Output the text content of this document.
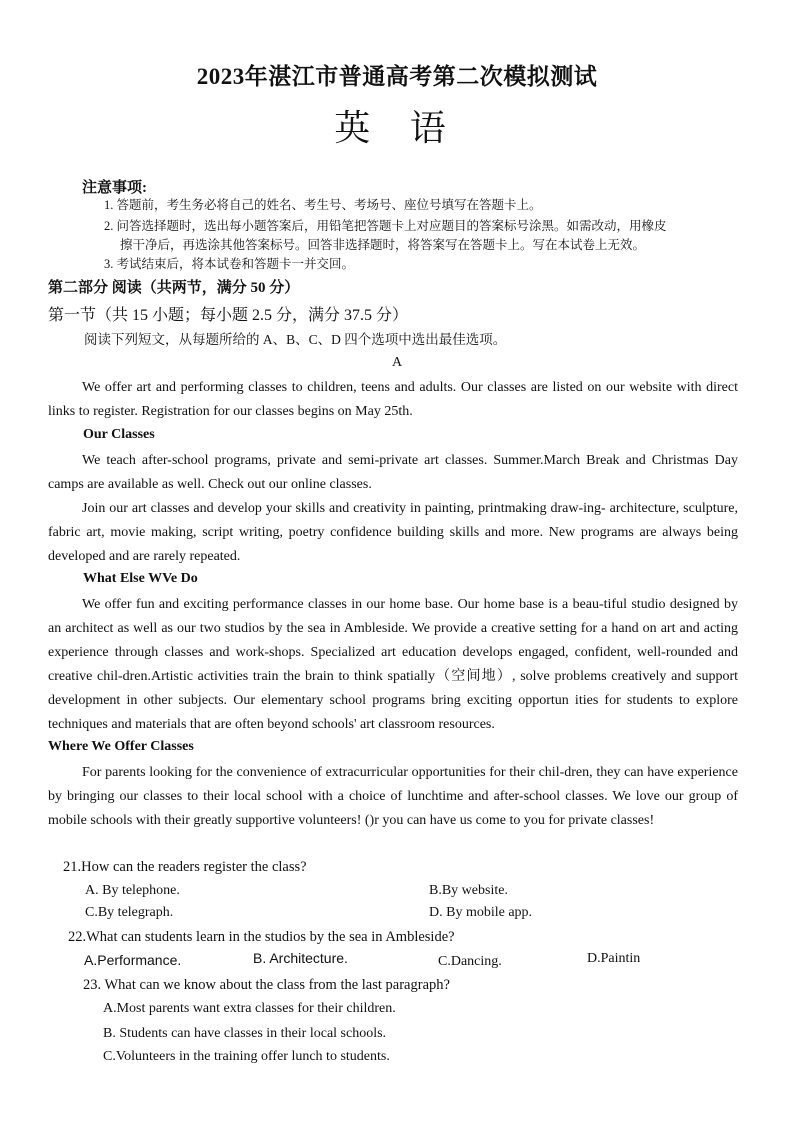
2023年湛江市普通高考第二次模拟测试
英 语
注意事项:
1. 答题前，考生务必将自己的姓名、考生号、考场号、座位号填写在答题卡上。
2. 问答选择题时，选出每小题答案后，用铅笔把答题卡上对应题目的答案标号涂黑。如需改动，用橡皮
擦干净后，再选涂其他答案标号。回答非选择题时，将答案写在答题卡上。写在本试卷上无效。
3. 考试结束后，将本试卷和答题卡一并交回。
第二部分 阅读（共两节，满分 50 分）
第一节（共 15 小题；每小题 2.5 分，满分 37.5 分）
阅读下列短文，从每题所给的 A、B、C、D 四个选项中选出最佳选项。
A
We offer art and performing classes to children, teens and adults. Our classes are listed on our website with direct links to register. Registration for our classes begins on May 25th.
Our Classes
We teach after-school programs, private and semi-private art classes. Summer.March Break and Christmas Day camps are available as well. Check out our online classes.
Join our art classes and develop your skills and creativity in painting, printmaking draw-ing- architecture, sculpture, fabric art, movie making, script writing, poetry confidence building skills and more. New programs are always being developed and are rarely repeated.
What Else WVe Do
We offer fun and exciting performance classes in our home base. Our home base is a beau-tiful studio designed by an architect as well as our two studios by the sea in Ambleside. We provide a creative setting for a hand on art and acting experience through classes and work-shops. Specialized art education develops engaged, confident, well-rounded and creative chil-dren.Artistic activities train the brain to think spatially（空间地）, solve problems creatively and support development in other subjects. Our elementary school programs bring exciting opportun ities for students to explore techniques and materials that are often beyond schools' art classroom resources.
Where We Offer Classes
For parents looking for the convenience of extracurricular opportunities for their chil-dren, they can have experience by bringing our classes to their local school with a choice of lunchtime and after-school classes. We love our group of mobile schools with their greatly supportive volunteers! ()r you can have us come to you for private classes!
21.How can the readers register the class?
A. By telephone.	B.By website.
C.By telegraph.	D. By mobile app.
22.What can students learn in the studios by the sea in Ambleside?
A.Performance.	B. Architecture.	C.Dancing.	D.Paintin
23. What can we know about the class from the last paragraph?
A.Most parents want extra classes for their children.
B. Students can have classes in their local schools.
C.Volunteers in the training offer lunch to students.
